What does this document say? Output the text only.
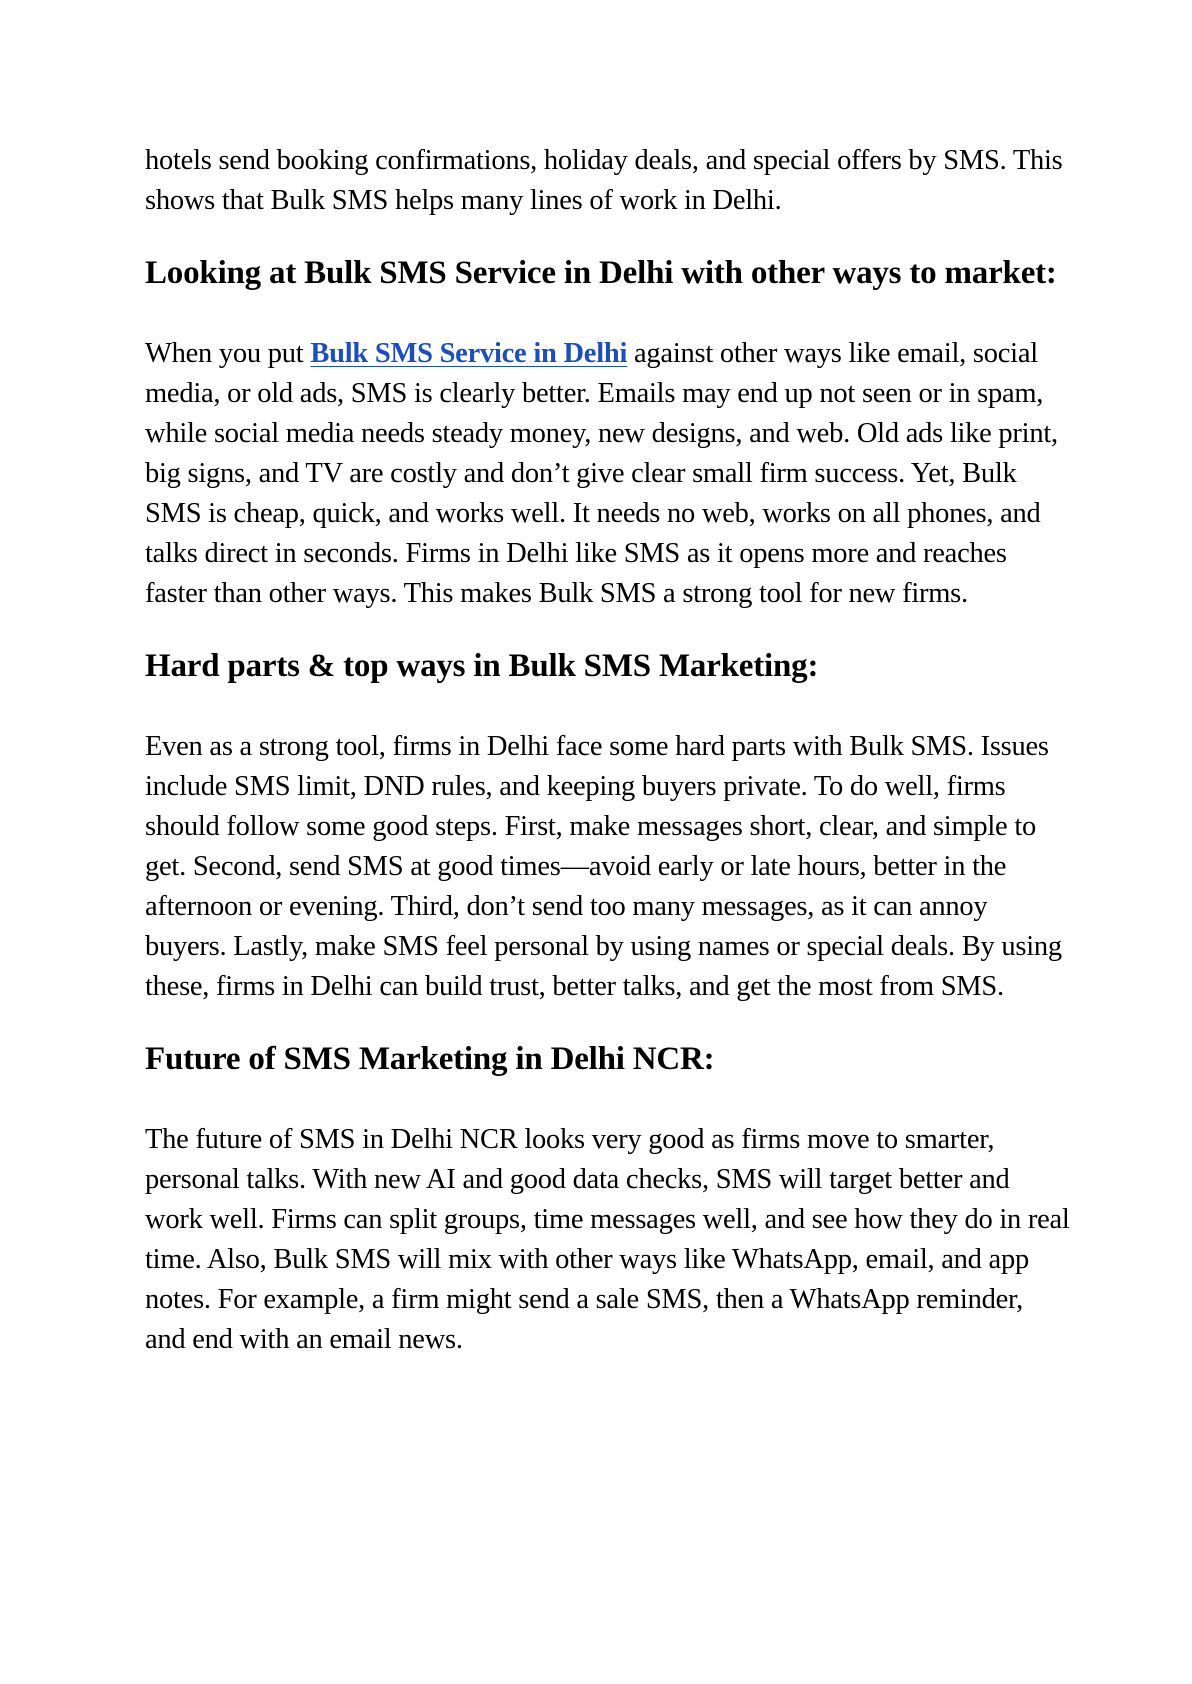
hotels send booking confirmations, holiday deals, and special offers by SMS. This shows that Bulk SMS helps many lines of work in Delhi.

Looking at Bulk SMS Service in Delhi with other ways to market:

When you put Bulk SMS Service in Delhi against other ways like email, social media, or old ads, SMS is clearly better. Emails may end up not seen or in spam, while social media needs steady money, new designs, and web. Old ads like print, big signs, and TV are costly and don’t give clear small firm success. Yet, Bulk SMS is cheap, quick, and works well. It needs no web, works on all phones, and talks direct in seconds. Firms in Delhi like SMS as it opens more and reaches faster than other ways. This makes Bulk SMS a strong tool for new firms.

Hard parts & top ways in Bulk SMS Marketing:

Even as a strong tool, firms in Delhi face some hard parts with Bulk SMS. Issues include SMS limit, DND rules, and keeping buyers private. To do well, firms should follow some good steps. First, make messages short, clear, and simple to get. Second, send SMS at good times—avoid early or late hours, better in the afternoon or evening. Third, don’t send too many messages, as it can annoy buyers. Lastly, make SMS feel personal by using names or special deals. By using these, firms in Delhi can build trust, better talks, and get the most from SMS.

Future of SMS Marketing in Delhi NCR:

The future of SMS in Delhi NCR looks very good as firms move to smarter, personal talks. With new AI and good data checks, SMS will target better and work well. Firms can split groups, time messages well, and see how they do in real time. Also, Bulk SMS will mix with other ways like WhatsApp, email, and app notes. For example, a firm might send a sale SMS, then a WhatsApp reminder, and end with an email news.
